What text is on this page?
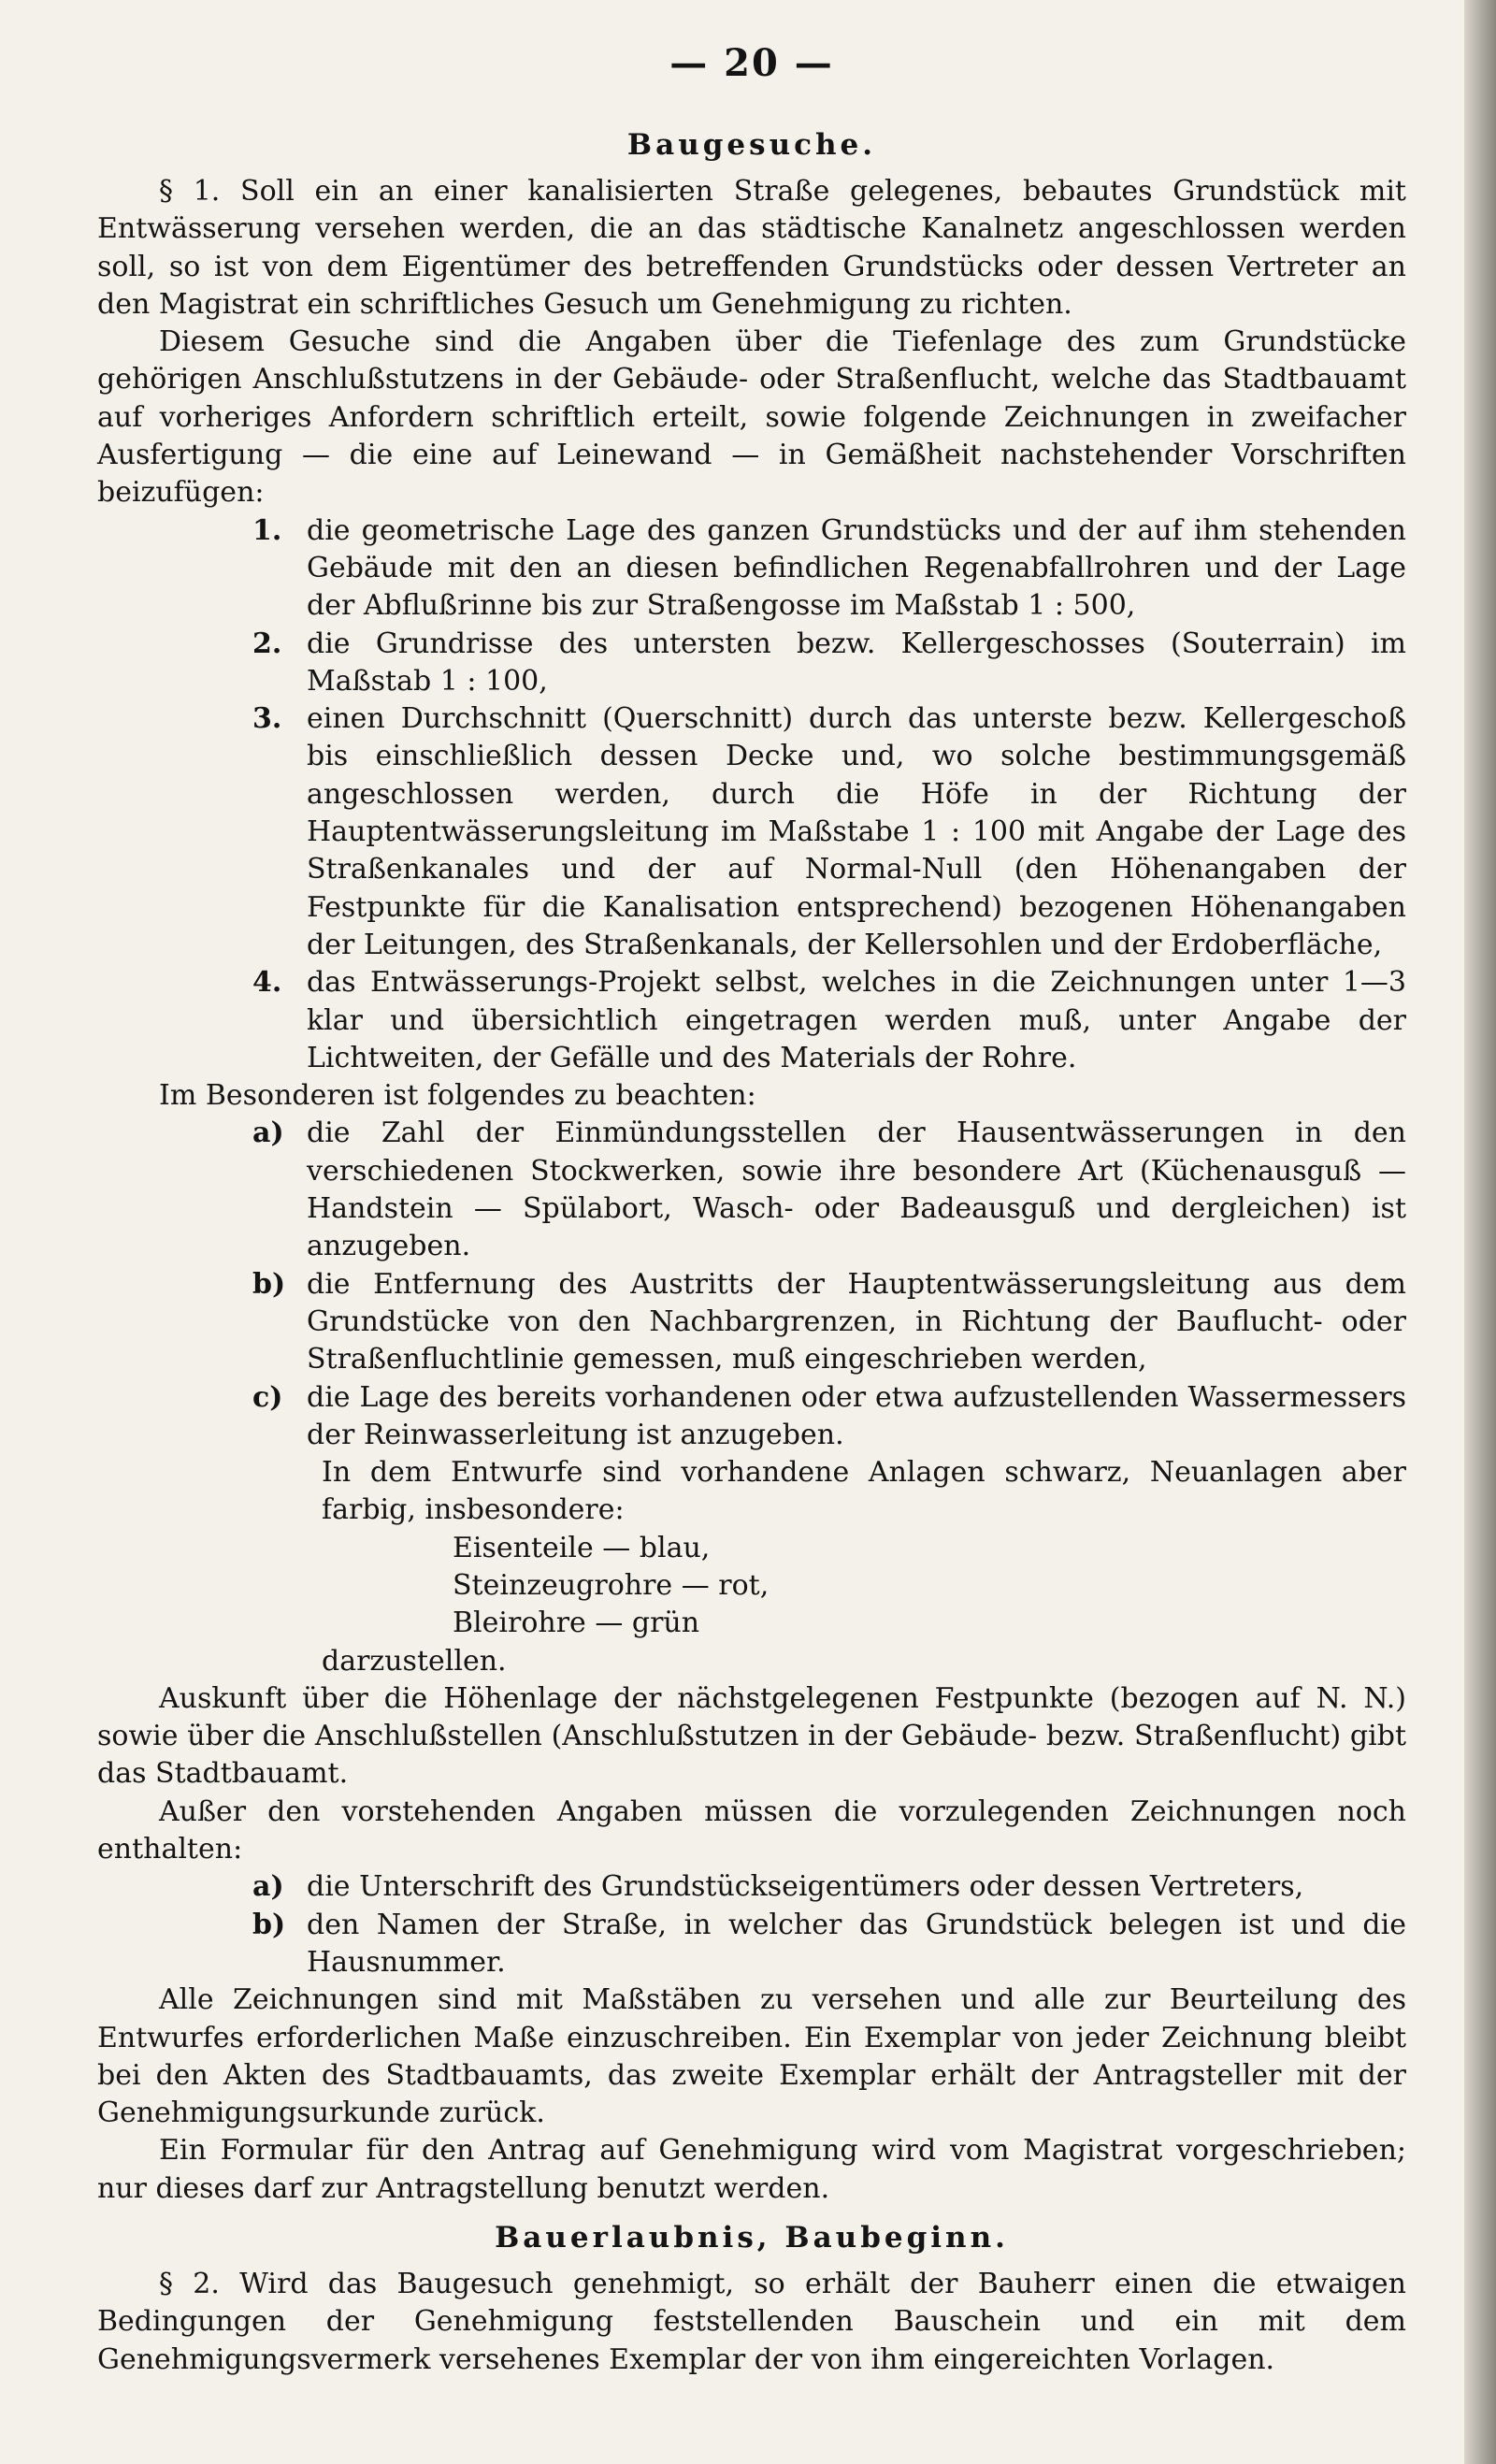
— 20 —
Baugesuche.

§ 1. Soll ein an einer kanalisierten Straße gelegenes, bebautes Grundstück mit Entwässerung versehen werden, die an das städtische Kanalnetz angeschlossen werden soll, so ist von dem Eigentümer des betreffenden Grundstücks oder dessen Vertreter an den Magistrat ein schriftliches Gesuch um Genehmigung zu richten.

Diesem Gesuche sind die Angaben über die Tiefenlage des zum Grundstücke gehörigen Anschlußstutzens in der Gebäude- oder Straßenflucht, welche das Stadtbauamt auf vorheriges Anfordern schriftlich erteilt, sowie folgende Zeichnungen in zweifacher Ausfertigung — die eine auf Leinewand — in Gemäßheit nachstehender Vorschriften beizufügen:

1. die geometrische Lage des ganzen Grundstücks und der auf ihm stehenden Gebäude mit den an diesen befindlichen Regenabfallrohren und der Lage der Abflußrinne bis zur Straßengosse im Maßstab 1 : 500,
2. die Grundrisse des untersten bezw. Kellergeschosses (Souterrain) im Maßstab 1 : 100,
3. einen Durchschnitt (Querschnitt) durch das unterste bezw. Kellergeschoß bis einschließlich dessen Decke und, wo solche bestimmungsgemäß angeschlossen werden, durch die Höfe in der Richtung der Hauptentwässerungsleitung im Maßstabe 1 : 100 mit Angabe der Lage des Straßenkanales und der auf Normal-Null (den Höhenangaben der Festpunkte für die Kanalisation entsprechend) bezogenen Höhenangaben der Leitungen, des Straßenkanals, der Kellersohlen und der Erdoberfläche,
4. das Entwässerungs-Projekt selbst, welches in die Zeichnungen unter 1—3 klar und übersichtlich eingetragen werden muß, unter Angabe der Lichtweiten, der Gefälle und des Materials der Rohre.

Im Besonderen ist folgendes zu beachten:

a) die Zahl der Einmündungsstellen der Hausentwässerungen in den verschiedenen Stockwerken, sowie ihre besondere Art (Küchenausguß — Handstein — Spülabort, Wasch- oder Badeausguß und dergleichen) ist anzugeben.
b) die Entfernung des Austritts der Hauptentwässerungsleitung aus dem Grundstücke von den Nachbargrenzen, in Richtung der Bauflucht- oder Straßenfluchtlinie gemessen, muß eingeschrieben werden,
c) die Lage des bereits vorhandenen oder etwa aufzustellenden Wassermessers der Reinwasserleitung ist anzugeben.

In dem Entwurfe sind vorhandene Anlagen schwarz, Neuanlagen aber farbig, insbesondere:

Eisenteile — blau,
Steinzeugrohre — rot,
Bleirohre — grün
darzustellen.

Auskunft über die Höhenlage der nächstgelegenen Festpunkte (bezogen auf N. N.) sowie über die Anschlußstellen (Anschlußstutzen in der Gebäude- bezw. Straßenflucht) gibt das Stadtbauamt.

Außer den vorstehenden Angaben müssen die vorzulegenden Zeichnungen noch enthalten:

a) die Unterschrift des Grundstückseigentümers oder dessen Vertreters,
b) den Namen der Straße, in welcher das Grundstück belegen ist und die Hausnummer.

Alle Zeichnungen sind mit Maßstäben zu versehen und alle zur Beurteilung des Entwurfes erforderlichen Maße einzuschreiben. Ein Exemplar von jeder Zeichnung bleibt bei den Akten des Stadtbauamts, das zweite Exemplar erhält der Antragsteller mit der Genehmigungsurkunde zurück.

Ein Formular für den Antrag auf Genehmigung wird vom Magistrat vorgeschrieben; nur dieses darf zur Antragstellung benutzt werden.

Bauerlaubnis, Baubeginn.

§ 2. Wird das Baugesuch genehmigt, so erhält der Bauherr einen die etwaigen Bedingungen der Genehmigung feststellenden Bauschein und ein mit dem Genehmigungsvermerk versehenes Exemplar der von ihm eingereichten Vorlagen.
